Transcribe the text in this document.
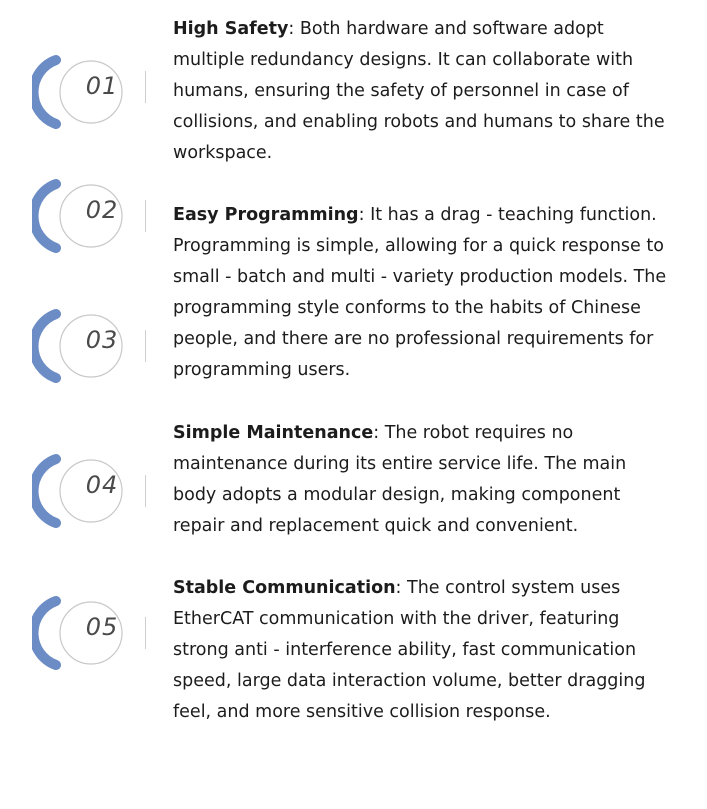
01
02
03
04
05

High Safety: Both hardware and software adopt multiple redundancy designs. It can collaborate with humans, ensuring the safety of personnel in case of collisions, and enabling robots and humans to share the workspace.

Easy Programming: It has a drag - teaching function. Programming is simple, allowing for a quick response to small - batch and multi - variety production models. The programming style conforms to the habits of Chinese people, and there are no professional requirements for programming users.

Simple Maintenance: The robot requires no maintenance during its entire service life. The main body adopts a modular design, making component repair and replacement quick and convenient.

Stable Communication: The control system uses EtherCAT communication with the driver, featuring strong anti - interference ability, fast communication speed, large data interaction volume, better dragging feel, and more sensitive collision response.
